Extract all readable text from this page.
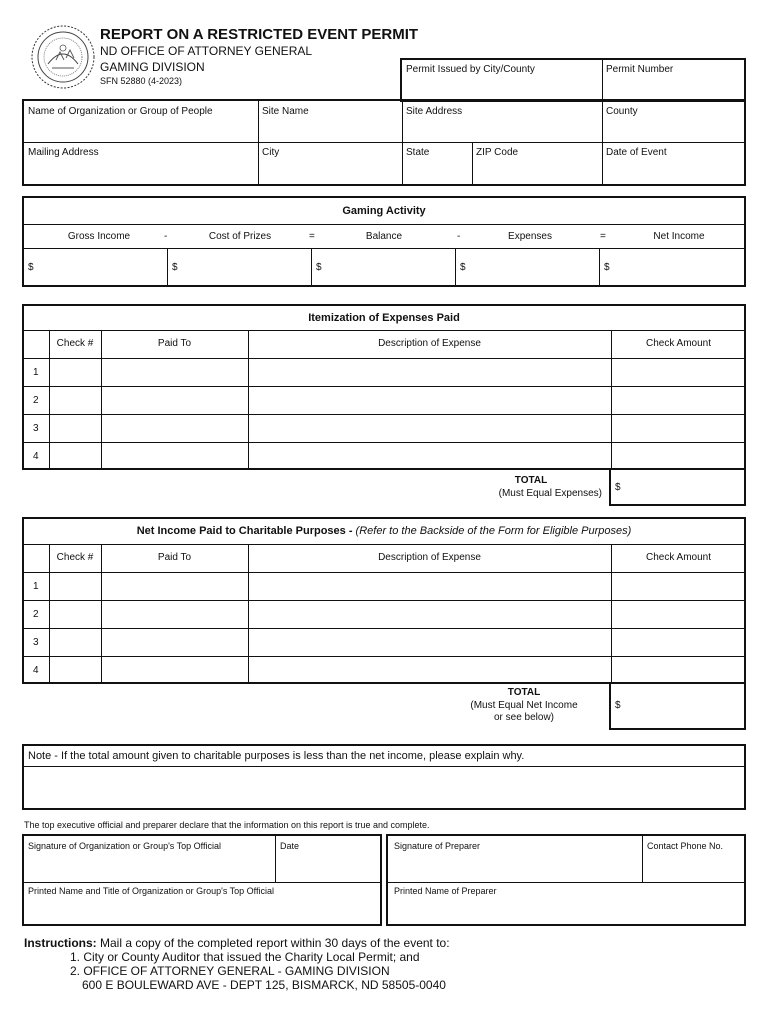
REPORT ON A RESTRICTED EVENT PERMIT
ND OFFICE OF ATTORNEY GENERAL
GAMING DIVISION
SFN 52880 (4-2023)
Permit Issued by City/County	Permit Number
Name of Organization or Group of People	Site Name	Site Address	County
Mailing Address	City	State	ZIP Code	Date of Event
Gaming Activity
Gross Income	-	Cost of Prizes	=	Balance	-	Expenses	=	Net Income
$	$	$	$	$
Itemization of Expenses Paid
Check #	Paid To	Description of Expense	Check Amount
1
2
3
4
TOTAL
(Must Equal Expenses)
$
Net Income Paid to Charitable Purposes - (Refer to the Backside of the Form for Eligible Purposes)
Check #	Paid To	Description of Expense	Check Amount
1
2
3
4
TOTAL
(Must Equal Net Income
or see below)
$
Note - If the total amount given to charitable purposes is less than the net income, please explain why.
The top executive official and preparer declare that the information on this report is true and complete.
Signature of Organization or Group's Top Official	Date
Printed Name and Title of Organization or Group's Top Official
Signature of Preparer	Contact Phone No.
Printed Name of Preparer
Instructions: Mail a copy of the completed report within 30 days of the event to:
1. City or County Auditor that issued the Charity Local Permit; and
2. OFFICE OF ATTORNEY GENERAL - GAMING DIVISION
600 E BOULEWARD AVE - DEPT 125, BISMARCK, ND 58505-0040
